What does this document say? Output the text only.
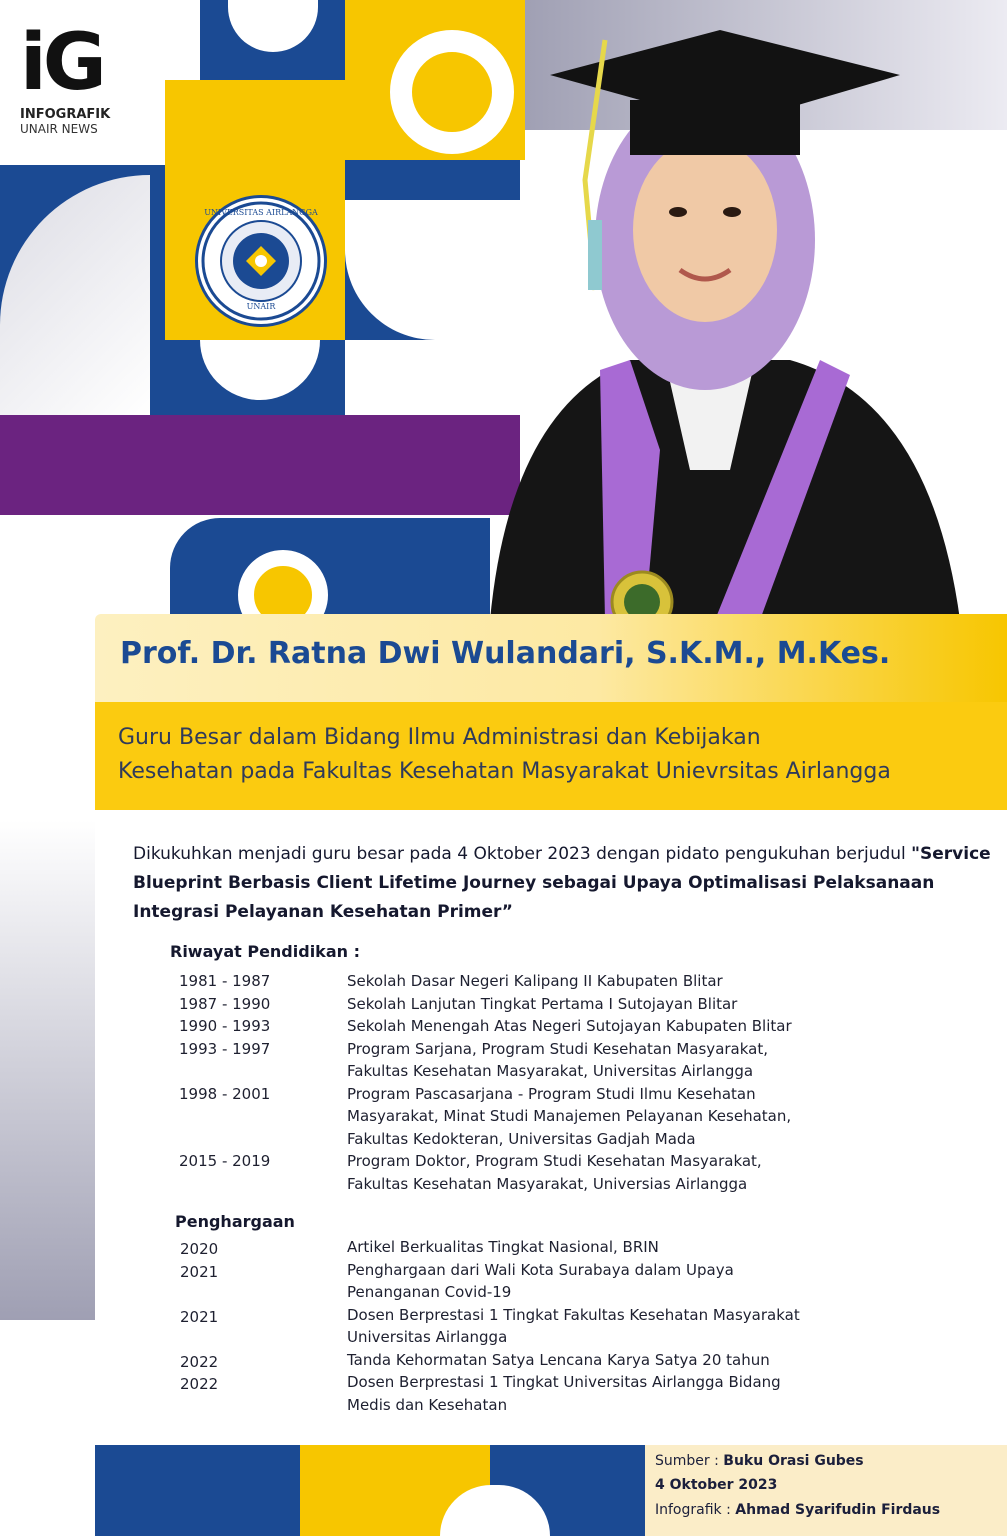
iG
INFOGRAFIK
UNAIR NEWS
UNIVERSITAS AIRLANGGA
UNAIR
Prof. Dr. Ratna Dwi Wulandari, S.K.M., M.Kes.
Guru Besar dalam Bidang Ilmu Administrasi dan Kebijakan
Kesehatan pada Fakultas Kesehatan Masyarakat Unievrsitas Airlangga
Dikukuhkan menjadi guru besar pada 4 Oktober 2023 dengan pidato pengukuhan berjudul "Service Blueprint Berbasis Client Lifetime Journey sebagai Upaya Optimalisasi Pelaksanaan Integrasi Pelayanan Kesehatan Primer”
Riwayat Pendidikan :
1981 - 1987	Sekolah Dasar Negeri Kalipang II Kabupaten Blitar
1987 - 1990	Sekolah Lanjutan Tingkat Pertama I Sutojayan Blitar
1990 - 1993	Sekolah Menengah Atas Negeri Sutojayan Kabupaten Blitar
1993 - 1997	Program Sarjana, Program Studi Kesehatan Masyarakat,
Fakultas Kesehatan Masyarakat, Universitas Airlangga
1998 - 2001	Program Pascasarjana - Program Studi Ilmu Kesehatan
Masyarakat, Minat Studi Manajemen Pelayanan Kesehatan,
Fakultas Kedokteran, Universitas Gadjah Mada
2015 - 2019	Program Doktor, Program Studi Kesehatan Masyarakat,
Fakultas Kesehatan Masyarakat, Universias Airlangga
Penghargaan
2020	Artikel Berkualitas Tingkat Nasional, BRIN
2021	Penghargaan dari Wali Kota Surabaya dalam Upaya
Penanganan Covid-19
2021	Dosen Berprestasi 1 Tingkat Fakultas Kesehatan Masyarakat
Universitas Airlangga
2022	Tanda Kehormatan Satya Lencana Karya Satya 20 tahun
2022	Dosen Berprestasi 1 Tingkat Universitas Airlangga Bidang
Medis dan Kesehatan
Sumber : Buku Orasi Gubes
4 Oktober 2023
Infografik : Ahmad Syarifudin Firdaus
